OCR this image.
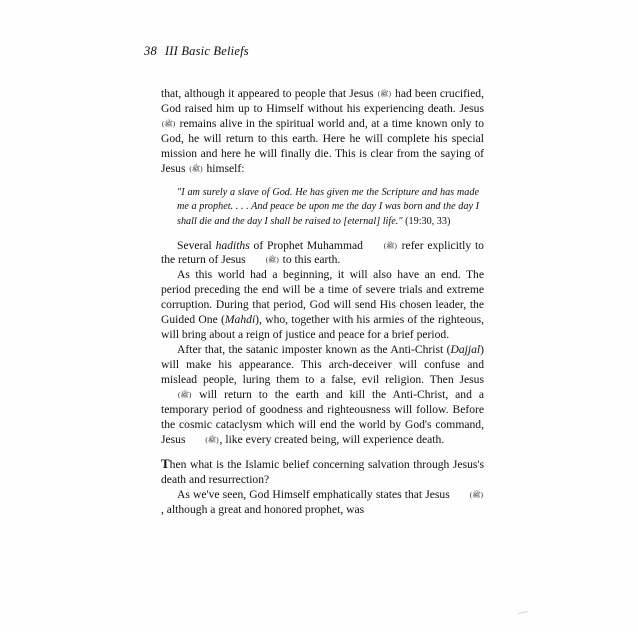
38 III Basic Beliefs

that, although it appeared to people that Jesus (ﷺ) had been crucified, God raised him up to Himself without his experiencing death. Jesus (ﷺ) remains alive in the spiritual world and, at a time known only to God, he will return to this earth. Here he will complete his special mission and here he will finally die. This is clear from the saying of Jesus (ﷺ) himself:

"I am surely a slave of God. He has given me the Scripture and has made me a prophet. . . . And peace be upon me the day I was born and the day I shall die and the day I shall be raised to [eternal] life." (19:30, 33)

Several hadiths of Prophet Muhammad (ﷺ) refer explicitly to the return of Jesus (ﷺ) to this earth.

As this world had a beginning, it will also have an end. The period preceding the end will be a time of severe trials and extreme corruption. During that period, God will send His chosen leader, the Guided One (Mahdi), who, together with his armies of the righteous, will bring about a reign of justice and peace for a brief period.

After that, the satanic imposter known as the Anti-Christ (Dajjal) will make his appearance. This arch-deceiver will confuse and mislead people, luring them to a false, evil religion. Then Jesus (ﷺ) will return to the earth and kill the Anti-Christ, and a temporary period of goodness and righteousness will follow. Before the cosmic cataclysm which will end the world by God's command, Jesus (ﷺ), like every created being, will experience death.

Then what is the Islamic belief concerning salvation through Jesus's death and resurrection?

As we've seen, God Himself emphatically states that Jesus (ﷺ), although a great and honored prophet, was
